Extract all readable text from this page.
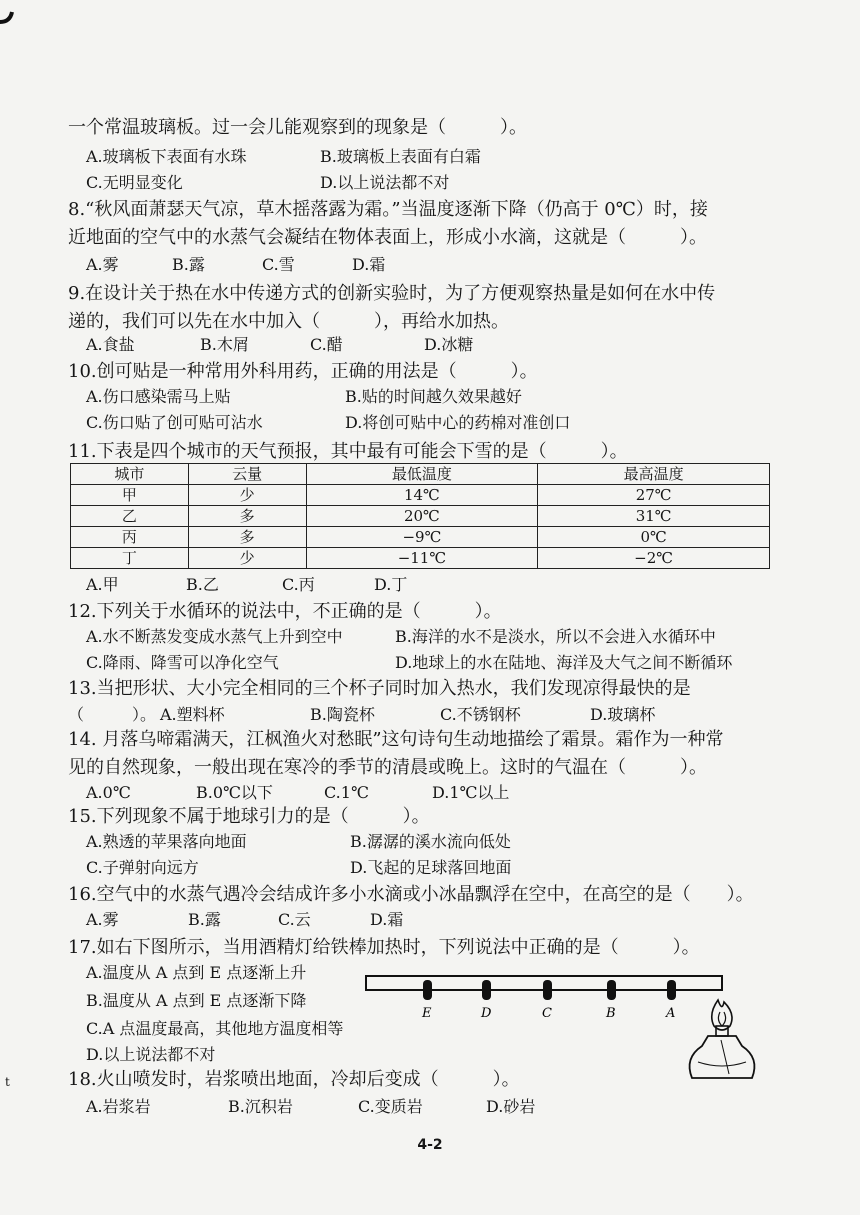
一个常温玻璃板。过一会儿能观察到的现象是（　　　）。
8.“秋风面萧瑟天气凉，草木摇落露为霜。”当温度逐渐下降（仍高于 0℃）时，接
近地面的空气中的水蒸气会凝结在物体表面上，形成小水滴，这就是（　　　）。
9.在设计关于热在水中传递方式的创新实验时，为了方便观察热量是如何在水中传
递的，我们可以先在水中加入（　　　），再给水加热。
10.创可贴是一种常用外科用药，正确的用法是（　　　）。
11.下表是四个城市的天气预报，其中最有可能会下雪的是（　　　）。
12.下列关于水循环的说法中，不正确的是（　　　）。
13.当把形状、大小完全相同的三个杯子同时加入热水，我们发现凉得最快的是
14. 月落乌啼霜满天，江枫渔火对愁眠”这句诗句生动地描绘了霜景。霜作为一种常
见的自然现象，一般出现在寒冷的季节的清晨或晚上。这时的气温在（　　　）。
15.下列现象不属于地球引力的是（　　　）。
16.空气中的水蒸气遇冷会结成许多小水滴或小冰晶飘浮在空中，在高空的是（　　）。
17.如右下图所示，当用酒精灯给铁棒加热时，下列说法中正确的是（　　　）。
18.火山喷发时，岩浆喷出地面，冷却后变成（　　　）。
A.玻璃板下表面有水珠	B.玻璃板上表面有白霜
C.无明显变化	D.以上说法都不对
A.雾	B.露	C.雪	D.霜
A.食盐	B.木屑	C.醋	D.冰糖
A.伤口感染需马上贴	B.贴的时间越久效果越好
C.伤口贴了创可贴可沾水	D.将创可贴中心的药棉对准创口
A.甲	B.乙	C.丙	D.丁
A.水不断蒸发变成水蒸气上升到空中	B.海洋的水不是淡水，所以不会进入水循环中
C.降雨、降雪可以净化空气	D.地球上的水在陆地、海洋及大气之间不断循环
（　　　）。 A.塑料杯	B.陶瓷杯	C.不锈钢杯	D.玻璃杯
A.0℃	B.0℃以下	C.1℃	D.1℃以上
A.熟透的苹果落向地面	B.潺潺的溪水流向低处
C.子弹射向远方	D.飞起的足球落回地面
A.雾	B.露	C.云	D.霜
A.温度从 A 点到 E 点逐渐上升
B.温度从 A 点到 E 点逐渐下降
C.A 点温度最高，其他地方温度相等
D.以上说法都不对
A.岩浆岩	B.沉积岩	C.变质岩	D.砂岩
城市	云量	最低温度	最高温度
甲	少	14℃	27℃
乙	多	20℃	31℃
丙	多	−9℃	0℃
丁	少	−11℃	−2℃
E	D	C	B	A
t
4-2
